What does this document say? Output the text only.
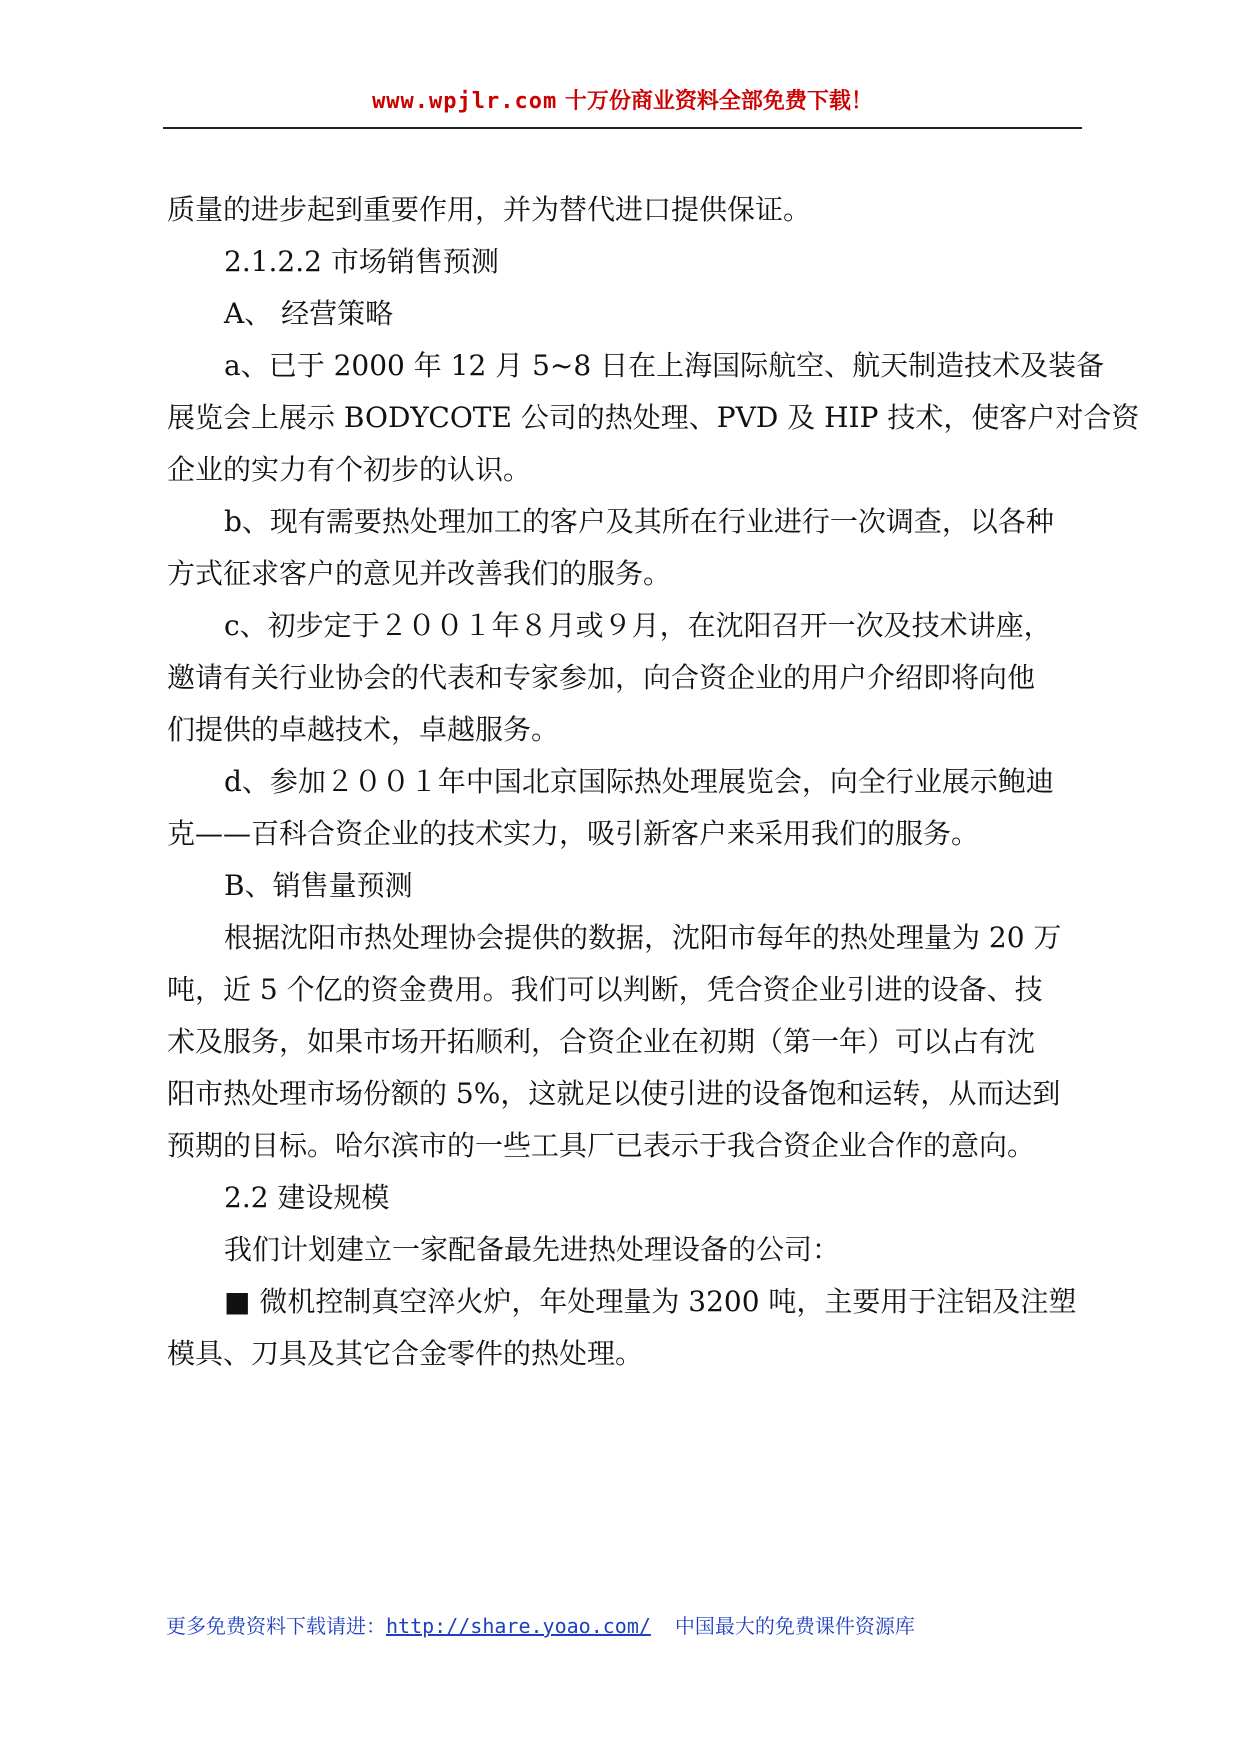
www.wpjlr.com 十万份商业资料全部免费下载！
质量的进步起到重要作用，并为替代进口提供保证。
2.1.2.2 市场销售预测
A、 经营策略
a、已于 2000 年 12 月 5~8 日在上海国际航空、航天制造技术及装备
展览会上展示 BODYCOTE 公司的热处理、PVD 及 HIP 技术，使客户对合资
企业的实力有个初步的认识。
b、现有需要热处理加工的客户及其所在行业进行一次调查，以各种
方式征求客户的意见并改善我们的服务。
c、初步定于２００１年８月或９月，在沈阳召开一次及技术讲座，
邀请有关行业协会的代表和专家参加，向合资企业的用户介绍即将向他
们提供的卓越技术，卓越服务。
d、参加２００１年中国北京国际热处理展览会，向全行业展示鲍迪
克——百科合资企业的技术实力，吸引新客户来采用我们的服务。
B、销售量预测
根据沈阳市热处理协会提供的数据，沈阳市每年的热处理量为 20 万
吨，近 5 个亿的资金费用。我们可以判断，凭合资企业引进的设备、技
术及服务，如果市场开拓顺利，合资企业在初期（第一年）可以占有沈
阳市热处理市场份额的 5%，这就足以使引进的设备饱和运转，从而达到
预期的目标。哈尔滨市的一些工具厂已表示于我合资企业合作的意向。
2.2 建设规模
我们计划建立一家配备最先进热处理设备的公司：
■ 微机控制真空淬火炉，年处理量为 3200 吨，主要用于注铝及注塑
模具、刀具及其它合金零件的热处理。
更多免费资料下载请进：http://share.yoao.com/ 中国最大的免费课件资源库
